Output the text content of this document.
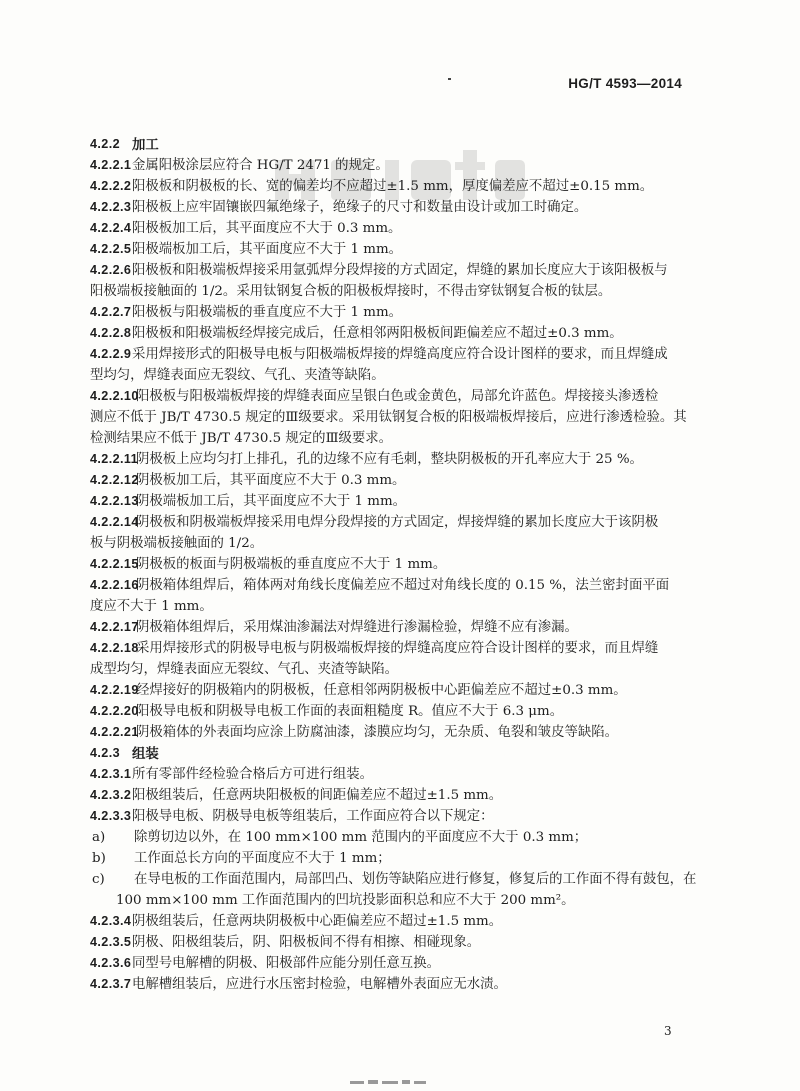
HG/T 4593—2014
4.2.2 加工
4.2.2.1 金属阳极涂层应符合 HG/T 2471 的规定。
4.2.2.2 阳极板和阴极板的长、宽的偏差均不应超过±1.5 mm，厚度偏差应不超过±0.15 mm。
4.2.2.3 阳极板上应牢固镶嵌四氟绝缘子，绝缘子的尺寸和数量由设计或加工时确定。
4.2.2.4 阳极板加工后，其平面度应不大于 0.3 mm。
4.2.2.5 阳极端板加工后，其平面度应不大于 1 mm。
4.2.2.6 阳极板和阳极端板焊接采用氩弧焊分段焊接的方式固定，焊缝的累加长度应大于该阳极板与
阳极端板接触面的 1/2。采用钛钢复合板的阳极板焊接时，不得击穿钛钢复合板的钛层。
4.2.2.7 阳极板与阳极端板的垂直度应不大于 1 mm。
4.2.2.8 阳极板和阳极端板经焊接完成后，任意相邻两阳极板间距偏差应不超过±0.3 mm。
4.2.2.9 采用焊接形式的阳极导电板与阳极端板焊接的焊缝高度应符合设计图样的要求，而且焊缝成
型均匀，焊缝表面应无裂纹、气孔、夹渣等缺陷。
4.2.2.10
阳极板与阳极端板焊接的焊缝表面应呈银白色或金黄色，局部允许蓝色。焊接接头渗透检
测应不低于 JB/T 4730.5 规定的Ⅲ级要求。采用钛钢复合板的阳极端板焊接后，应进行渗透检验。其
检测结果应不低于 JB/T 4730.5 规定的Ⅲ级要求。
4.2.2.11
阴极板上应均匀打上排孔，孔的边缘不应有毛刺，整块阴极板的开孔率应大于 25 %。
4.2.2.12
阴极板加工后，其平面度应不大于 0.3 mm。
4.2.2.13
阴极端板加工后，其平面度应不大于 1 mm。
4.2.2.14
阴极板和阴极端板焊接采用电焊分段焊接的方式固定，焊接焊缝的累加长度应大于该阴极
板与阴极端板接触面的 1/2。
4.2.2.15
阴极板的板面与阴极端板的垂直度应不大于 1 mm。
4.2.2.16
阴极箱体组焊后，箱体两对角线长度偏差应不超过对角线长度的 0.15 %，法兰密封面平面
度应不大于 1 mm。
4.2.2.17
阴极箱体组焊后，采用煤油渗漏法对焊缝进行渗漏检验，焊缝不应有渗漏。
4.2.2.18
采用焊接形式的阴极导电板与阴极端板焊接的焊缝高度应符合设计图样的要求，而且焊缝
成型均匀，焊缝表面应无裂纹、气孔、夹渣等缺陷。
4.2.2.19
经焊接好的阴极箱内的阴极板，任意相邻两阴极板中心距偏差应不超过±0.3 mm。
4.2.2.20
阳极导电板和阴极导电板工作面的表面粗糙度 R。值应不大于 6.3 μm。
4.2.2.21
阴极箱体的外表面均应涂上防腐油漆，漆膜应均匀，无杂质、龟裂和皱皮等缺陷。
4.2.3 组装
4.2.3.1 所有零部件经检验合格后方可进行组装。
4.2.3.2 阳极组装后，任意两块阳极板的间距偏差应不超过±1.5 mm。
4.2.3.3 阳极导电板、阴极导电板等组装后，工作面应符合以下规定：
a)	除剪切边以外，在 100 mm×100 mm 范围内的平面度应不大于 0.3 mm；
b)	工作面总长方向的平面度应不大于 1 mm；
c)	在导电板的工作面范围内，局部凹凸、划伤等缺陷应进行修复，修复后的工作面不得有鼓包，在
100 mm×100 mm 工作面范围内的凹坑投影面积总和应不大于 200 mm²。
4.2.3.4 阴极组装后，任意两块阴极板中心距偏差应不超过±1.5 mm。
4.2.3.5 阴极、阳极组装后，阴、阳极板间不得有相擦、相碰现象。
4.2.3.6 同型号电解槽的阴极、阳极部件应能分别任意互换。
4.2.3.7 电解槽组装后，应进行水压密封检验，电解槽外表面应无水渍。
3
